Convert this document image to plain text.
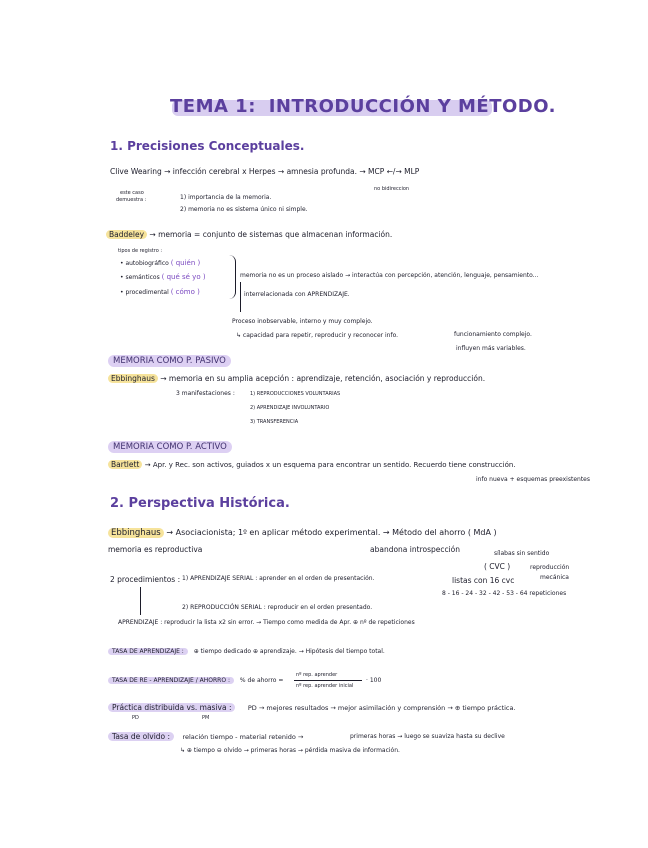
TEMA 1: INTRODUCCIÓN Y MÉTODO.
1. Precisiones Conceptuales.
Clive Wearing → infección cerebral x Herpes → amnesia profunda. → MCP ←/→ MLP
no bidireccion
este caso
demuestra :	1) importancia de la memoria.
2) memoria no es sistema único ni simple.
Baddeley → memoria = conjunto de sistemas que almacenan información.
tipos de registro :
• autobiográfico ( quién )
• semánticos ( qué sé yo )
• procedimental ( cómo )
memoria no es un proceso aislado → interactúa con percepción, atención, lenguaje, pensamiento...
interrelacionada con APRENDIZAJE.
Proceso inobservable, interno y muy complejo.
↳ capacidad para repetir, reproducir y reconocer info.	funcionamiento complejo.
influyen más variables.
MEMORIA COMO P. PASIVO
Ebbinghaus → memoria en su amplia acepción : aprendizaje, retención, asociación y reproducción.
3 manifestaciones :	1) REPRODUCCIONES VOLUNTARIAS
2) APRENDIZAJE INVOLUNTARIO
3) TRANSFERENCIA
MEMORIA COMO P. ACTIVO
Bartlett → Apr. y Rec. son activos, guiados x un esquema para encontrar un sentido. Recuerdo tiene construcción.
info nueva + esquemas preexistentes
2. Perspectiva Histórica.
Ebbinghaus → Asociacionista; 1º en aplicar método experimental. → Método del ahorro ( MdA )
memoria es reproductiva	abandona introspección	sílabas sin sentido
( CVC )	reproducción
mecánica
listas con 16 cvc
8 - 16 - 24 - 32 - 42 - 53 - 64 repeticiones
2 procedimientos : 1) APRENDIZAJE SERIAL : aprender en el orden de presentación.
2) REPRODUCCIÓN SERIAL : reproducir en el orden presentado.
APRENDIZAJE : reproducir la lista x2 sin error. → Tiempo como medida de Apr. ⊕ nº de repeticiones
TASA DE APRENDIZAJE : ⊕ tiempo dedicado ⊕ aprendizaje. → Hipótesis del tiempo total.
TASA DE RE - APRENDIZAJE / AHORRO : % de ahorro =
nº rep. aprender
nº rep. aprender inicial
· 100
Práctica distribuida vs. masiva :	PD → mejores resultados → mejor asimilación y comprensión → ⊕ tiempo práctica.
PD	PM
Tasa de olvido : relación tiempo - material retenido →	primeras horas → luego se suaviza hasta su declive
↳ ⊕ tiempo ⊖ olvido → primeras horas → pérdida masiva de información.
